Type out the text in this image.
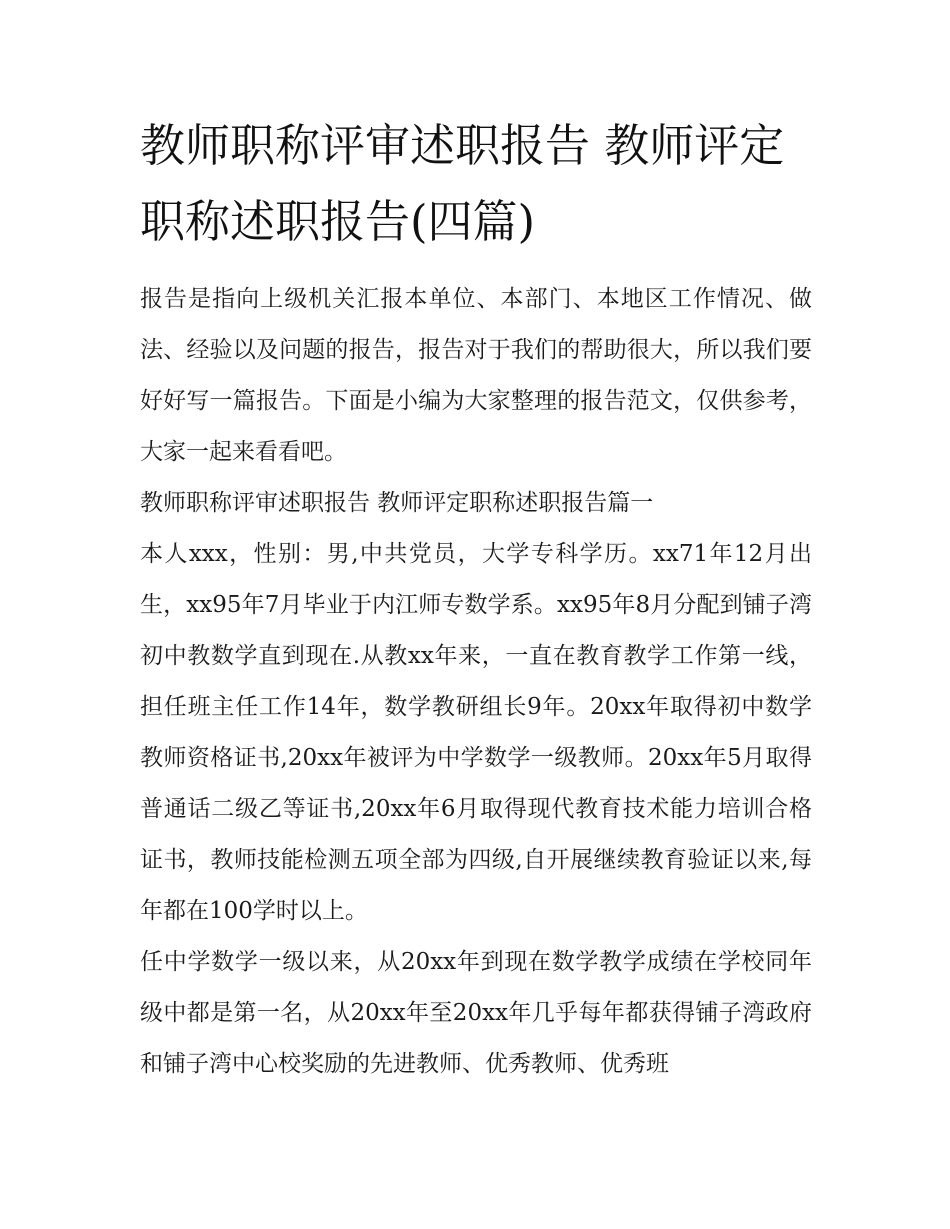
教师职称评审述职报告 教师评定职称述职报告(四篇)

报告是指向上级机关汇报本单位、本部门、本地区工作情况、做法、经验以及问题的报告，报告对于我们的帮助很大，所以我们要好好写一篇报告。下面是小编为大家整理的报告范文，仅供参考，大家一起来看看吧。

教师职称评审述职报告 教师评定职称述职报告篇一

本人xxx，性别：男,中共党员，大学专科学历。xx71年12月出生，xx95年7月毕业于内江师专数学系。xx95年8月分配到铺子湾初中教数学直到现在.从教xx年来，一直在教育教学工作第一线，担任班主任工作14年，数学教研组长9年。20xx年取得初中数学教师资格证书,20xx年被评为中学数学一级教师。20xx年5月取得普通话二级乙等证书,20xx年6月取得现代教育技术能力培训合格证书，教师技能检测五项全部为四级,自开展继续教育验证以来,每年都在100学时以上。

任中学数学一级以来，从20xx年到现在数学教学成绩在学校同年级中都是第一名，从20xx年至20xx年几乎每年都获得铺子湾政府和铺子湾中心校奖励的先进教师、优秀教师、优秀班
